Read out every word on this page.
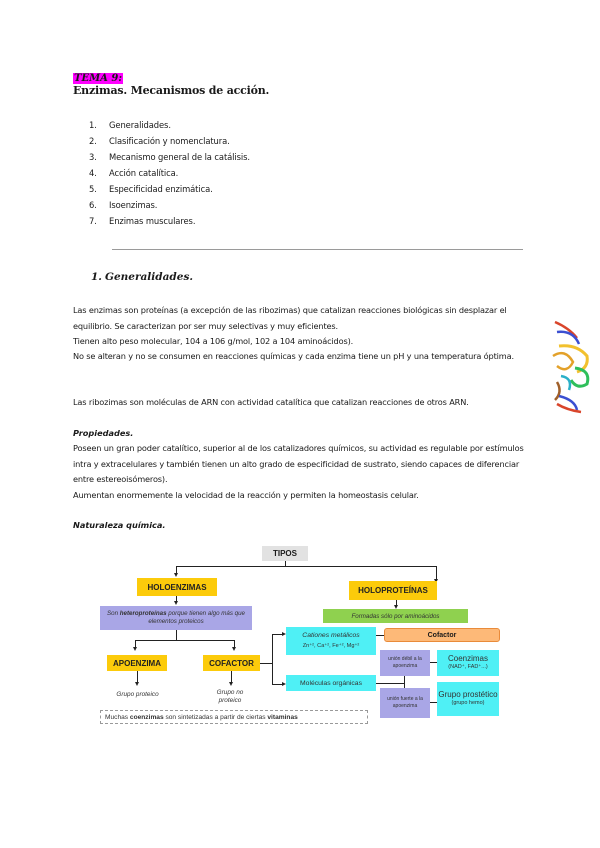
TEMA 9:
Enzimas. Mecanismos de acción.
1.	Generalidades.
2.	Clasificación y nomenclatura.
3.	Mecanismo general de la catálisis.
4.	Acción catalítica.
5.	Especificidad enzimática.
6.	Isoenzimas.
7.	Enzimas musculares.
1. Generalidades.
Las enzimas son proteínas (a excepción de las ribozimas) que catalizan reacciones biológicas sin desplazar el equilibrio. Se caracterizan por ser muy selectivas y muy eficientes.
Tienen alto peso molecular, 104 a 106 g/mol, 102 a 104 aminoácidos).
No se alteran y no se consumen en reacciones químicas y cada enzima tiene un pH y una temperatura óptima.
Las ribozimas son moléculas de ARN con actividad catalítica que catalizan reacciones de otros ARN.
Propiedades.
Poseen un gran poder catalítico, superior al de los catalizadores químicos, su actividad es regulable por estímulos intra y extracelulares y también tienen un alto grado de especificidad de sustrato, siendo capaces de diferenciar entre estereoisómeros).
Aumentan enormemente la velocidad de la reacción y permiten la homeostasis celular.
Naturaleza química.
TIPOS
HOLOENZIMAS	HOLOPROTEÍNAS
Son heteroproteínas porque tienen algo más que elementos proteicos
Formadas sólo por aminoácidos
APOENZIMA	COFACTOR
Grupo proteico	Grupo no proteico
Cationes metálicos
Zn⁺², Ca⁺², Fe⁺², Mg⁺²
Moléculas orgánicas
Cofactor
unión débil a la apoenzima
unión fuerte a la apoenzima
Coenzimas
(NAD⁺, FAD⁺...)
Grupo prostético
(grupo hemo)
Muchas coenzimas son sintetizadas a partir de ciertas vitaminas
